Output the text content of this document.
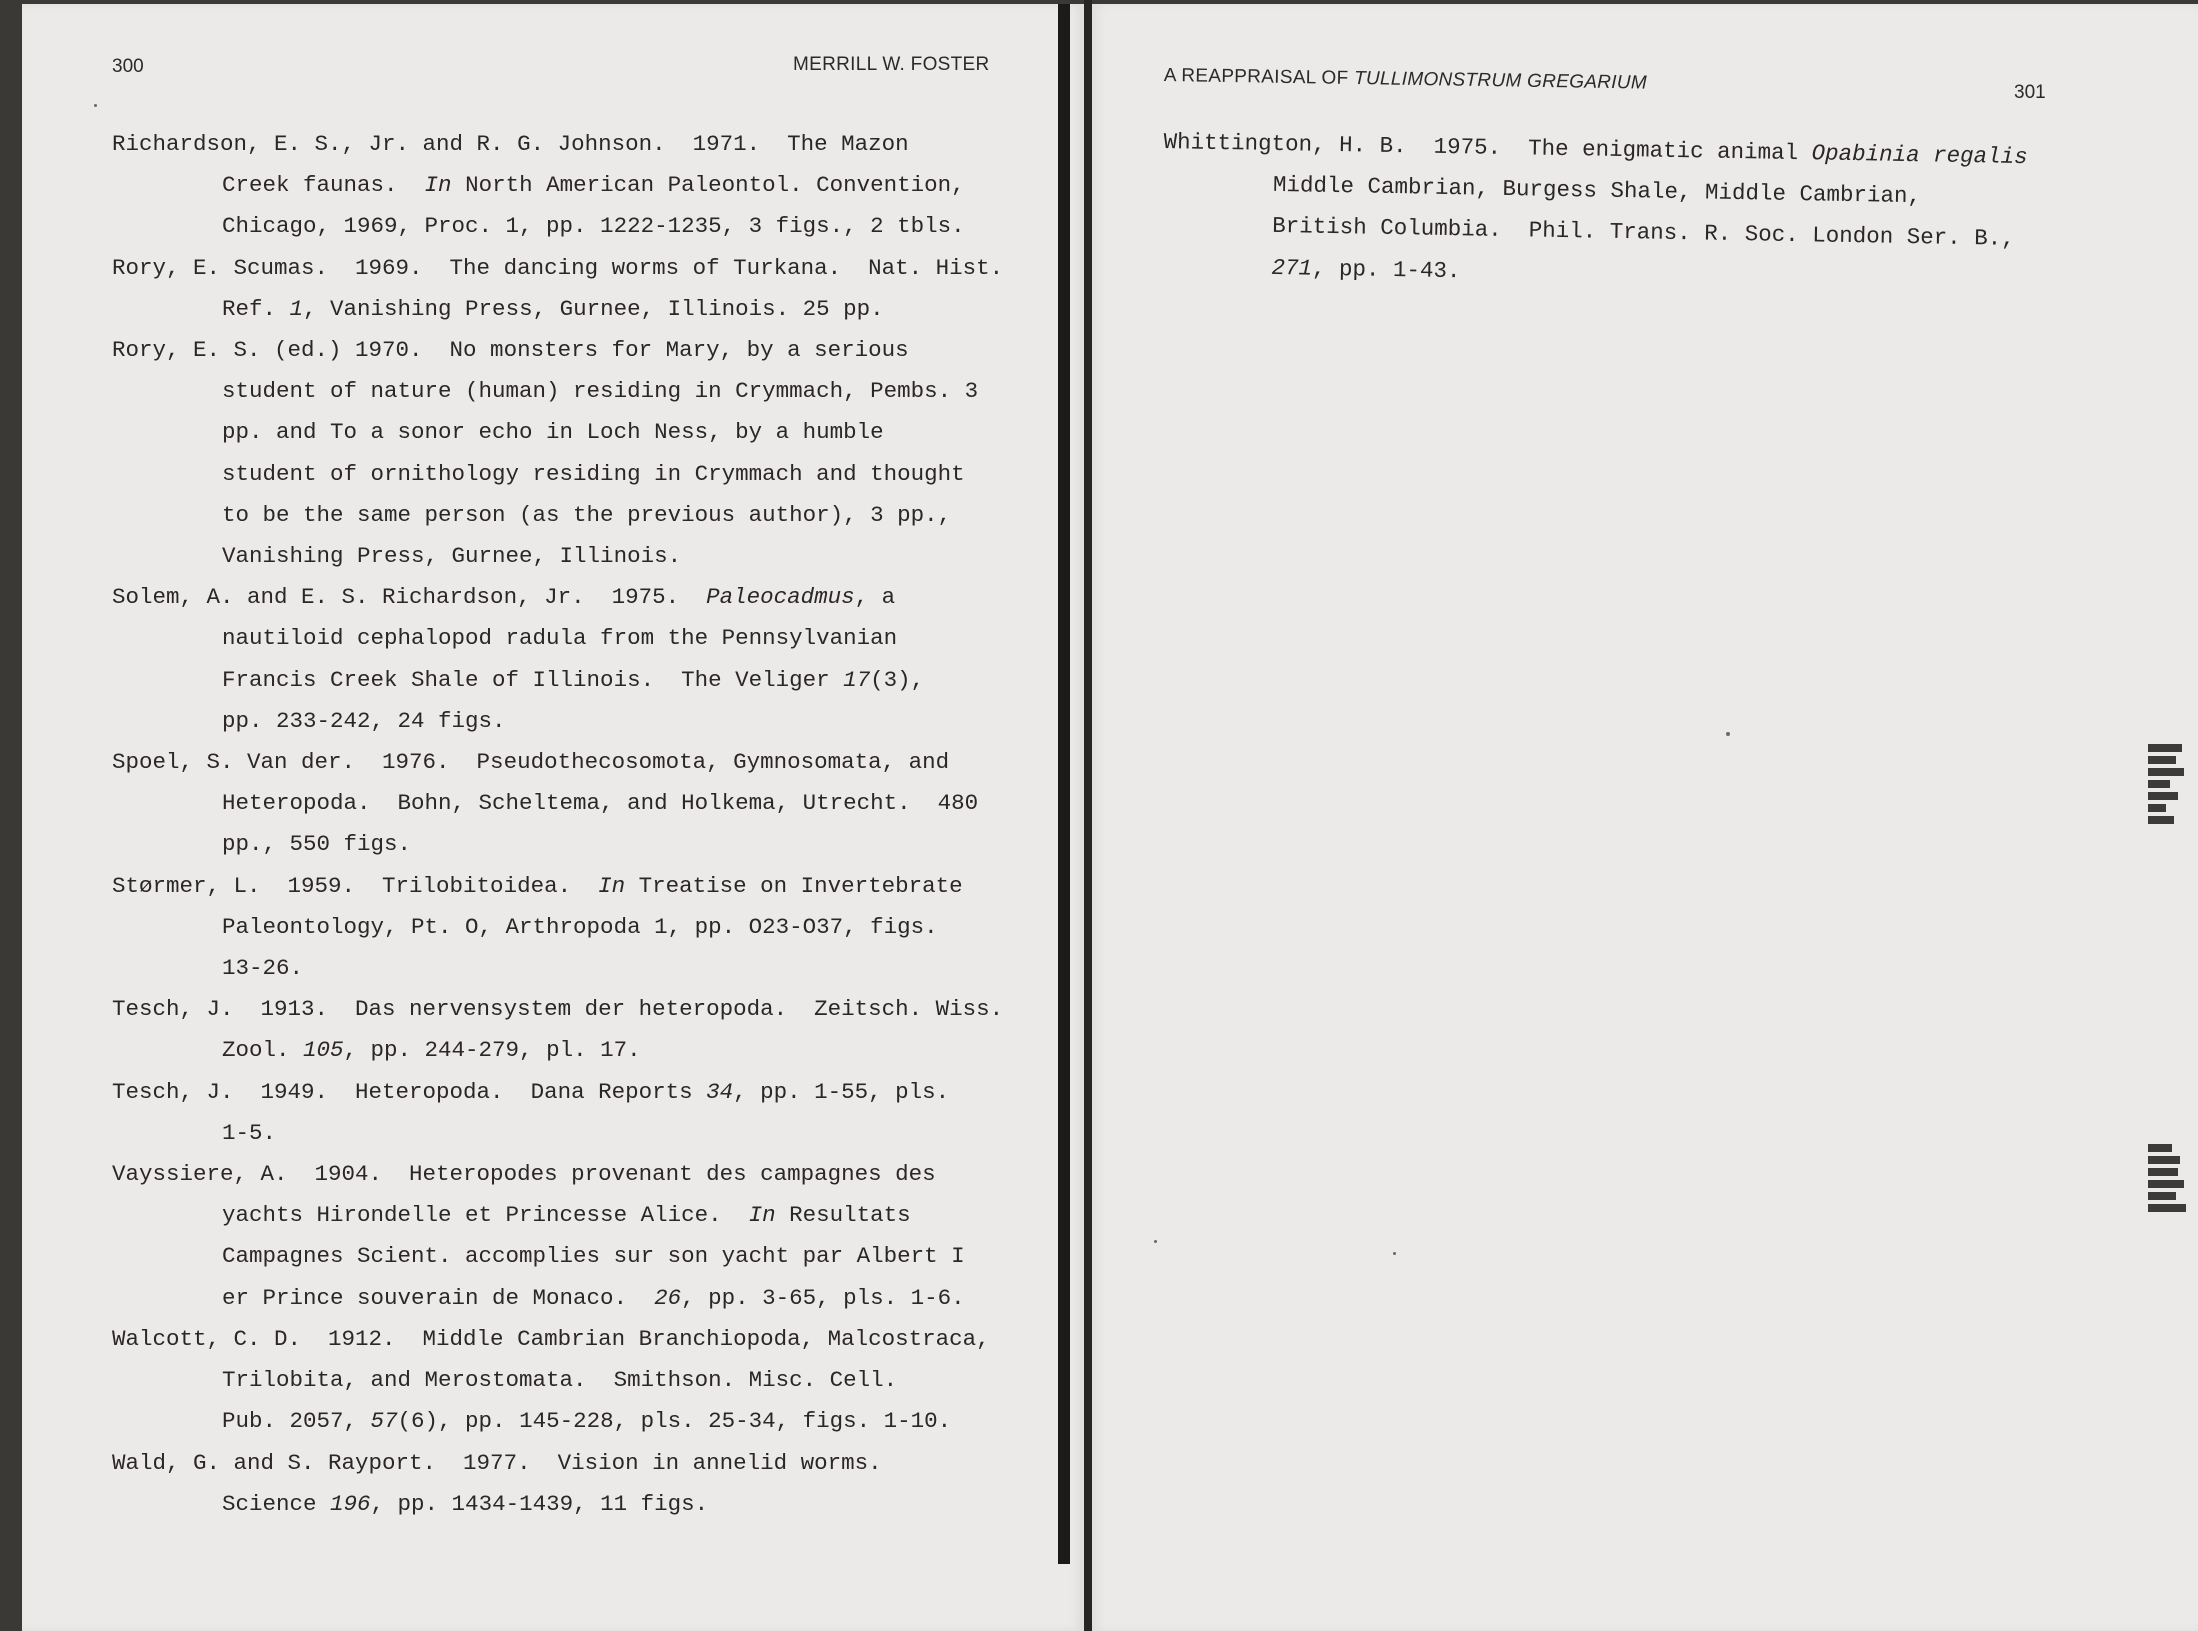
300	MERRILL W. FOSTER
Richardson, E. S., Jr. and R. G. Johnson.  1971.  The Mazon
Creek faunas.  In North American Paleontol. Convention,
Chicago, 1969, Proc. 1, pp. 1222-1235, 3 figs., 2 tbls.
Rory, E. Scumas.  1969.  The dancing worms of Turkana.  Nat. Hist.
Ref. 1, Vanishing Press, Gurnee, Illinois. 25 pp.
Rory, E. S. (ed.) 1970.  No monsters for Mary, by a serious
student of nature (human) residing in Crymmach, Pembs. 3
pp. and To a sonor echo in Loch Ness, by a humble
student of ornithology residing in Crymmach and thought
to be the same person (as the previous author), 3 pp.,
Vanishing Press, Gurnee, Illinois.
Solem, A. and E. S. Richardson, Jr.  1975.  Paleocadmus, a
nautiloid cephalopod radula from the Pennsylvanian
Francis Creek Shale of Illinois.  The Veliger 17(3),
pp. 233-242, 24 figs.
Spoel, S. Van der.  1976.  Pseudothecosomota, Gymnosomata, and
Heteropoda.  Bohn, Scheltema, and Holkema, Utrecht.  480
pp., 550 figs.
Størmer, L.  1959.  Trilobitoidea.  In Treatise on Invertebrate
Paleontology, Pt. O, Arthropoda 1, pp. O23-O37, figs.
13-26.
Tesch, J.  1913.  Das nervensystem der heteropoda.  Zeitsch. Wiss.
Zool. 105, pp. 244-279, pl. 17.
Tesch, J.  1949.  Heteropoda.  Dana Reports 34, pp. 1-55, pls.
1-5.
Vayssiere, A.  1904.  Heteropodes provenant des campagnes des
yachts Hirondelle et Princesse Alice.  In Resultats
Campagnes Scient. accomplies sur son yacht par Albert I
er Prince souverain de Monaco.  26, pp. 3-65, pls. 1-6.
Walcott, C. D.  1912.  Middle Cambrian Branchiopoda, Malcostraca,
Trilobita, and Merostomata.  Smithson. Misc. Cell.
Pub. 2057, 57(6), pp. 145-228, pls. 25-34, figs. 1-10.
Wald, G. and S. Rayport.  1977.  Vision in annelid worms.
Science 196, pp. 1434-1439, 11 figs.
A REAPPRAISAL OF TULLIMONSTRUM GREGARIUM	301
Whittington, H. B.  1975.  The enigmatic animal Opabinia regalis
Middle Cambrian, Burgess Shale, Middle Cambrian,
British Columbia.  Phil. Trans. R. Soc. London Ser. B.,
271, pp. 1-43.
